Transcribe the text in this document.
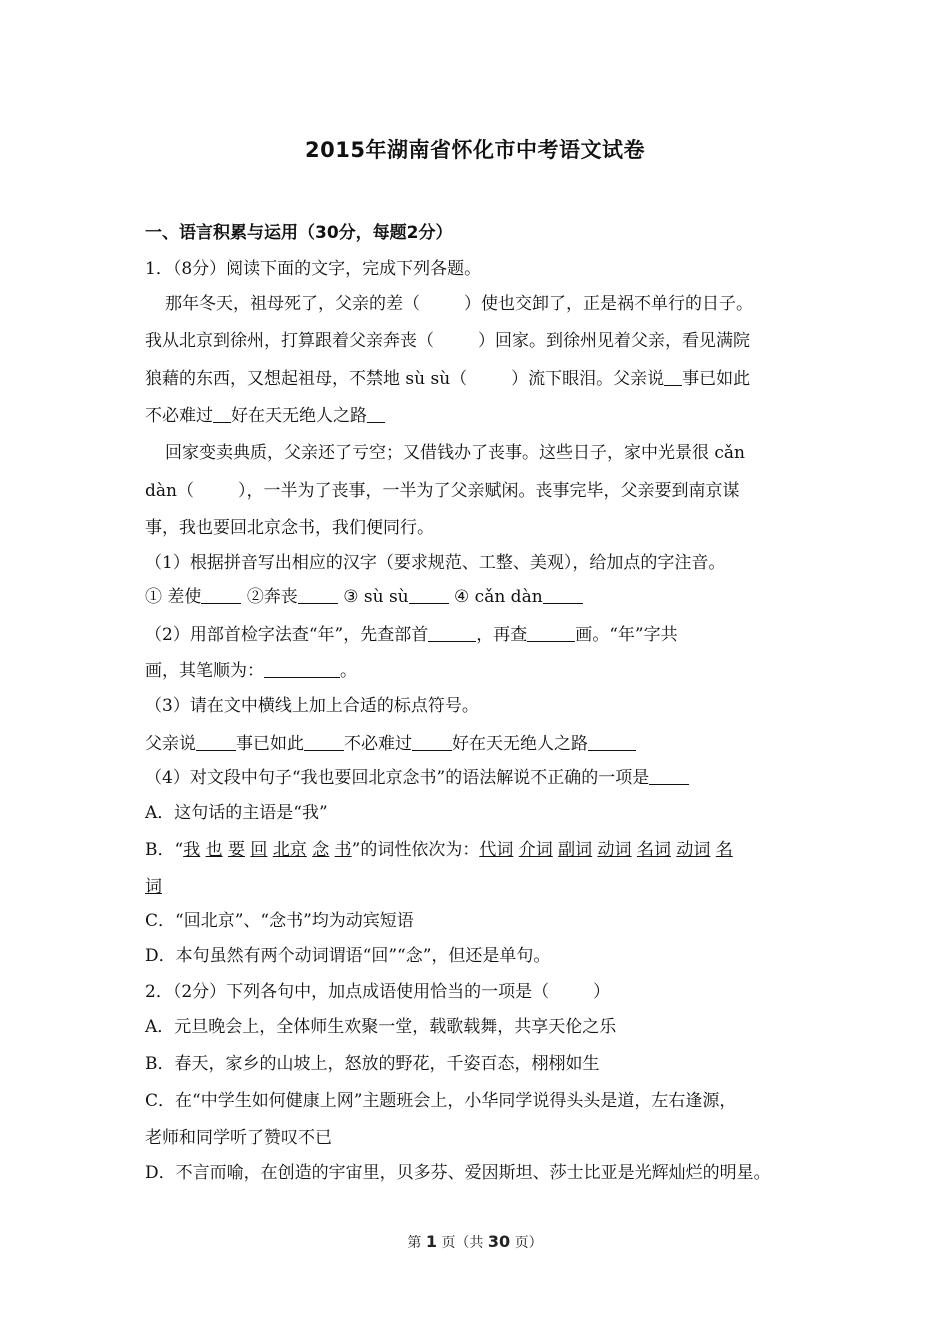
2015年湖南省怀化市中考语文试卷
一、语言积累与运用（30分，每题2分）
1．（8分）阅读下面的文字，完成下列各题。
那年冬天，祖母死了，父亲的差（	）使也交卸了，正是祸不单行的日子。
我从北京到徐州，打算跟着父亲奔丧（	）回家。到徐州见着父亲，看见满院
狼藉的东西，又想起祖母，不禁地 sù sù（	）流下眼泪。父亲说 事已如此
不必难过 好在天无绝人之路
回家变卖典质，父亲还了亏空；又借钱办了丧事。这些日子，家中光景很 cǎn
dàn（	），一半为了丧事，一半为了父亲赋闲。丧事完毕，父亲要到南京谋
事，我也要回北京念书，我们便同行。
（1）根据拼音写出相应的汉字（要求规范、工整、美观），给加点的字注音。
① 差使	②奔丧	③ sù sù	④ cǎn dàn
（2）用部首检字法查“年”，先查部首	，再查	画。“年”字共
画，其笔顺为：	。
（3）请在文中横线上加上合适的标点符号。
父亲说 事已如此 不必难过 好在天无绝人之路
（4）对文段中句子“我也要回北京念书”的语法解说不正确的一项是
A．这句话的主语是“我”
B．“我 也 要 回 北京 念 书”的词性依次为：代词 介词 副词 动词 名词 动词 名
词
C．“回北京”、“念书”均为动宾短语
D．本句虽然有两个动词谓语“回”“念”，但还是单句。
2．（2分）下列各句中，加点成语使用恰当的一项是（	）
A．元旦晚会上，全体师生欢聚一堂，载歌载舞，共享天伦之乐
B．春天，家乡的山坡上，怒放的野花，千姿百态，栩栩如生
C．在“中学生如何健康上网”主题班会上，小华同学说得头头是道，左右逢源，
老师和同学听了赞叹不已
D．不言而喻，在创造的宇宙里，贝多芬、爱因斯坦、莎士比亚是光辉灿烂的明星。
第 1 页（共 30 页）
